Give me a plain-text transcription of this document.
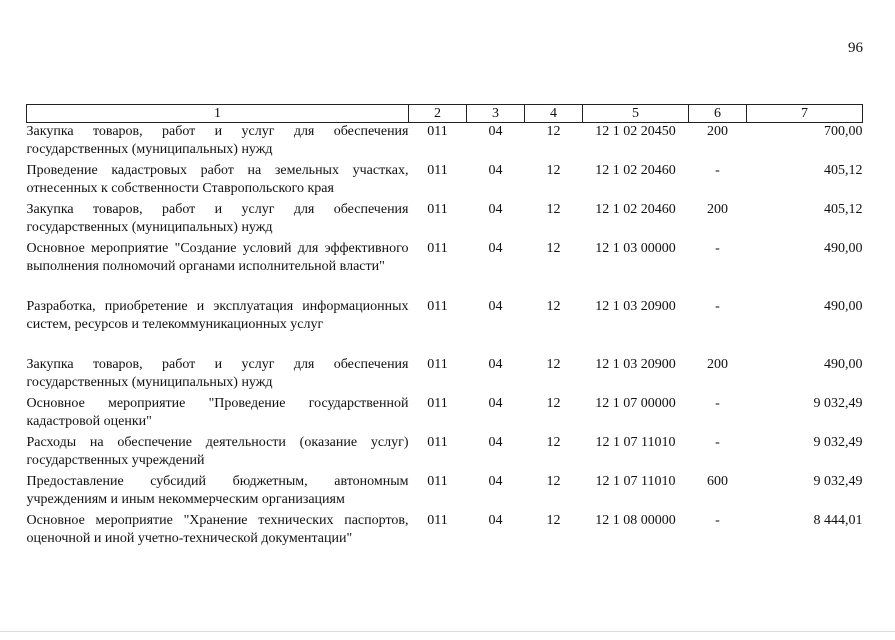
96
1	2	3	4	5	6	7
Закупка товаров, работ и услуг для обеспечения государственных (муниципальных) нужд	011	04	12	12 1 02 20450	200	700,00
Проведение кадастровых работ на земельных участках, отнесенных к собственности Ставропольского края	011	04	12	12 1 02 20460	-	405,12
Закупка товаров, работ и услуг для обеспечения государственных (муниципальных) нужд	011	04	12	12 1 02 20460	200	405,12
Основное мероприятие "Создание условий для эффективного выполнения полномочий органами исполнительной власти"	011	04	12	12 1 03 00000	-	490,00
Разработка, приобретение и эксплуатация информационных систем, ресурсов и телекоммуникационных услуг	011	04	12	12 1 03 20900	-	490,00
Закупка товаров, работ и услуг для обеспечения государственных (муниципальных) нужд	011	04	12	12 1 03 20900	200	490,00
Основное мероприятие "Проведение государственной кадастровой оценки"	011	04	12	12 1 07 00000	-	9 032,49
Расходы на обеспечение деятельности (оказание услуг) государственных учреждений	011	04	12	12 1 07 11010	-	9 032,49
Предоставление субсидий бюджетным, автономным учреждениям и иным некоммерческим организациям	011	04	12	12 1 07 11010	600	9 032,49
Основное мероприятие "Хранение технических паспортов, оценочной и иной учетно-технической документации"	011	04	12	12 1 08 00000	-	8 444,01
